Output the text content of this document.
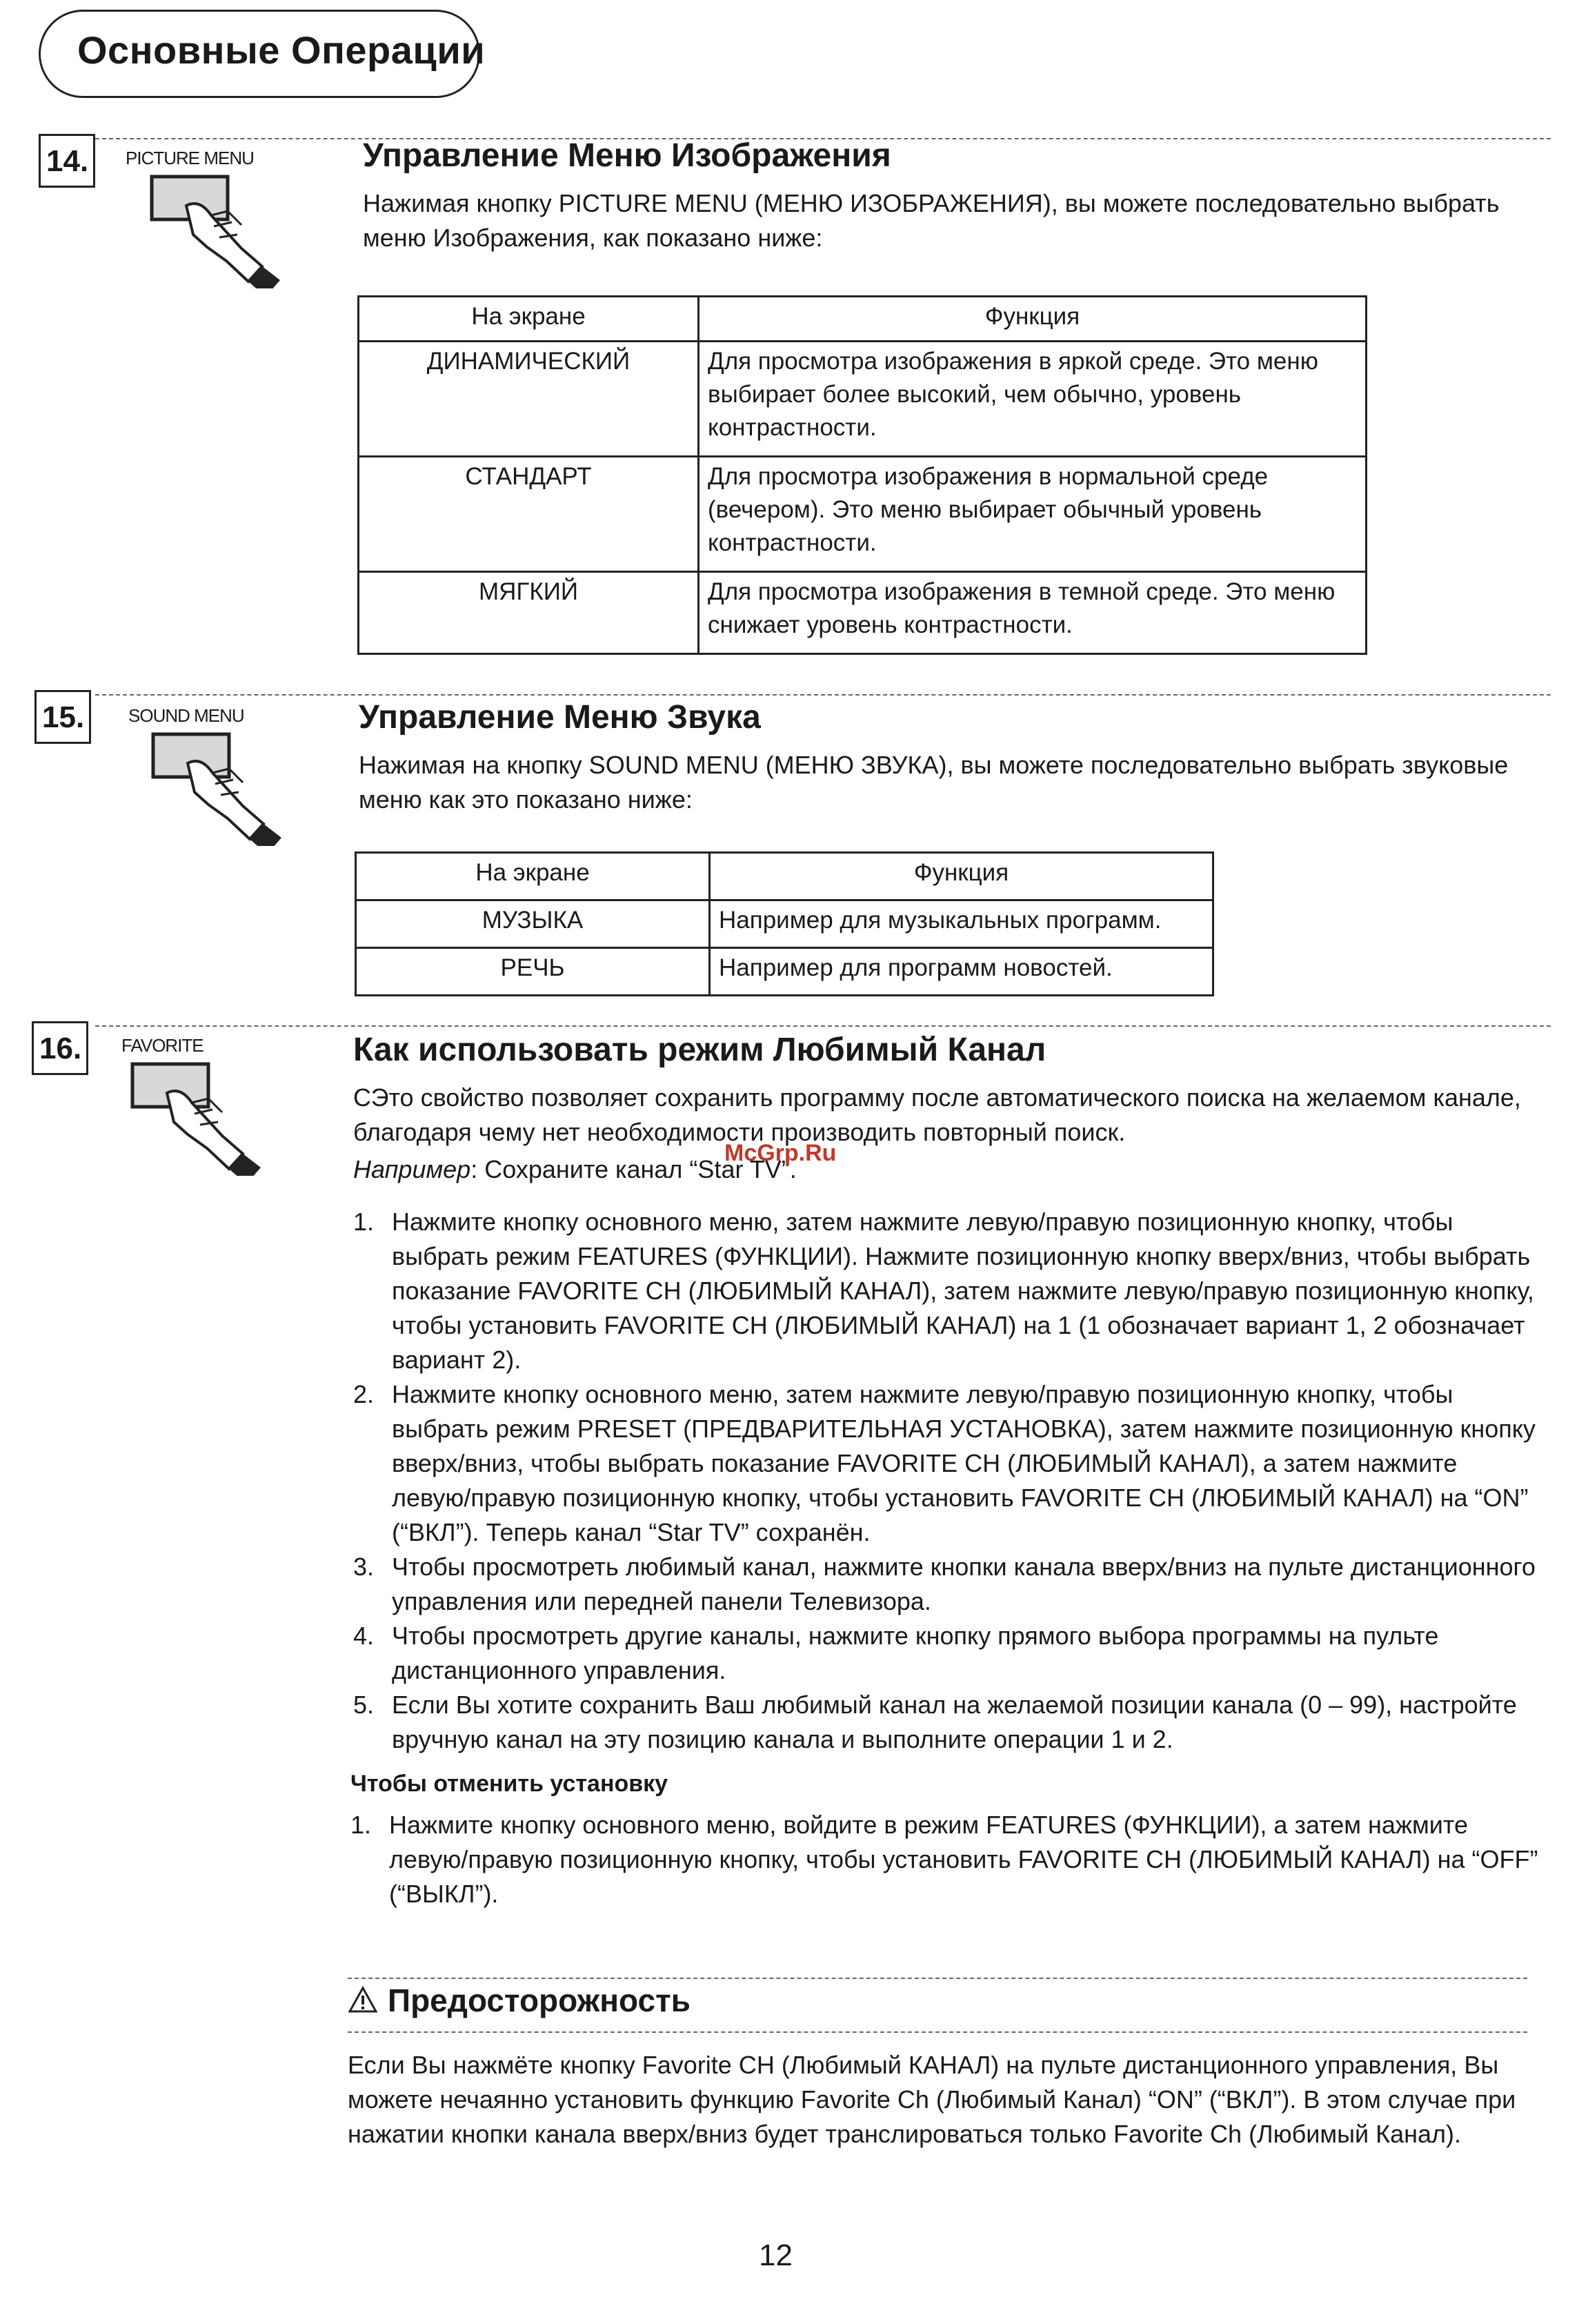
Основные Операции
14. PICTURE MENU	Управление Меню Изображения
Нажимая кнопку PICTURE MENU (МЕНЮ ИЗОБРАЖЕНИЯ), вы можете последовательно выбрать меню Изображения, как показано ниже:
На экране	Функция
ДИНАМИЧЕСКИЙ	Для просмотра изображения в яркой среде. Это меню выбирает более высокий, чем обычно, уровень контрастности.
СТАНДАРТ	Для просмотра изображения в нормальной среде (вечером). Это меню выбирает обычный уровень контрастности.
МЯГКИЙ	Для просмотра изображения в темной среде. Это меню снижает уровень контрастности.
15. SOUND MENU	Управление Меню Звука
Нажимая на кнопку SOUND MENU (МЕНЮ ЗВУКА), вы можете последовательно выбрать звуковые меню как это показано ниже:
На экране	Функция
МУЗЫКА	Например для музыкальных программ.
РЕЧЬ	Например для программ новостей.
16. FAVORITE	Как использовать режим Любимый Канал
СЭто свойство позволяет сохранить программу после автоматического поиска на желаемом канале, благодаря чему нет необходимости производить повторный поиск.
Например: Сохраните канал “Star TV”.
McGrp.Ru
1. Нажмите кнопку основного меню, затем нажмите левую/правую позиционную кнопку, чтобы выбрать режим FEATURES (ФУНКЦИИ). Нажмите позиционную кнопку вверх/вниз, чтобы выбрать показание FAVORITE CH (ЛЮБИМЫЙ КАНАЛ), затем нажмите левую/правую позиционную кнопку, чтобы установить FAVORITE CH (ЛЮБИМЫЙ КАНАЛ) на 1 (1 обозначает вариант 1, 2 обозначает вариант 2).
2. Нажмите кнопку основного меню, затем нажмите левую/правую позиционную кнопку, чтобы выбрать режим PRESET (ПРЕДВАРИТЕЛЬНАЯ УСТАНОВКА), затем нажмите позиционную кнопку вверх/вниз, чтобы выбрать показание FAVORITE CH (ЛЮБИМЫЙ КАНАЛ), а затем нажмите левую/правую позиционную кнопку, чтобы установить FAVORITE CH (ЛЮБИМЫЙ КАНАЛ) на “ON” (“ВКЛ”). Теперь канал “Star TV” сохранён.
3. Чтобы просмотреть любимый канал, нажмите кнопки канала вверх/вниз на пульте дистанционного управления или передней панели Телевизора.
4. Чтобы просмотреть другие каналы, нажмите кнопку прямого выбора программы на пульте дистанционного управления.
5. Если Вы хотите сохранить Ваш любимый канал на желаемой позиции канала (0 – 99), настройте вручную канал на эту позицию канала и выполните операции 1 и 2.
Чтобы отменить установку
1. Нажмите кнопку основного меню, войдите в режим FEATURES (ФУНКЦИИ), а затем нажмите левую/правую позиционную кнопку, чтобы установить FAVORITE CH (ЛЮБИМЫЙ КАНАЛ) на “OFF” (“ВЫКЛ”).
Предосторожность
Если Вы нажмёте кнопку Favorite CH (Любимый КАНАЛ) на пульте дистанционного управления, Вы можете нечаянно установить функцию Favorite Ch (Любимый Канал) “ON” (“ВКЛ”). В этом случае при нажатии кнопки канала вверх/вниз будет транслироваться только Favorite Ch (Любимый Канал).
12
